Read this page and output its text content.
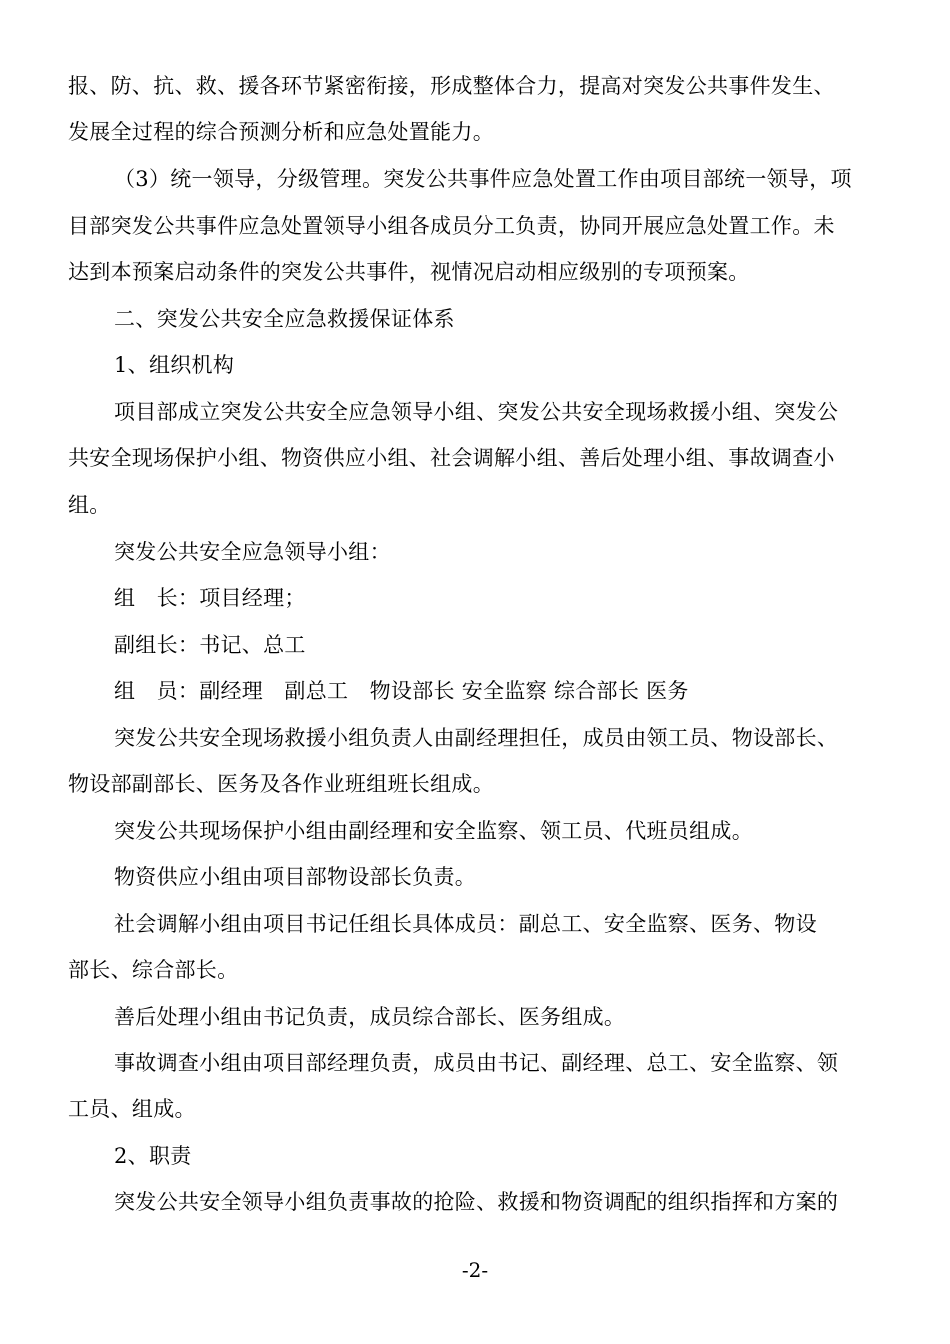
报、防、抗、救、援各环节紧密衔接，形成整体合力，提高对突发公共事件发生、
发展全过程的综合预测分析和应急处置能力。
（3）统一领导，分级管理。突发公共事件应急处置工作由项目部统一领导，项
目部突发公共事件应急处置领导小组各成员分工负责，协同开展应急处置工作。未
达到本预案启动条件的突发公共事件，视情况启动相应级别的专项预案。
二、突发公共安全应急救援保证体系
1、组织机构
项目部成立突发公共安全应急领导小组、突发公共安全现场救援小组、突发公
共安全现场保护小组、物资供应小组、社会调解小组、善后处理小组、事故调查小
组。
突发公共安全应急领导小组：
组　长：项目经理；
副组长：书记、总工
组　员：副经理　副总工　物设部长 安全监察 综合部长 医务
突发公共安全现场救援小组负责人由副经理担任，成员由领工员、物设部长、
物设部副部长、医务及各作业班组班长组成。
突发公共现场保护小组由副经理和安全监察、领工员、代班员组成。
物资供应小组由项目部物设部长负责。
社会调解小组由项目书记任组长具体成员：副总工、安全监察、医务、物设
部长、综合部长。
善后处理小组由书记负责，成员综合部长、医务组成。
事故调查小组由项目部经理负责，成员由书记、副经理、总工、安全监察、领
工员、组成。
2、职责
突发公共安全领导小组负责事故的抢险、救援和物资调配的组织指挥和方案的
-2-
